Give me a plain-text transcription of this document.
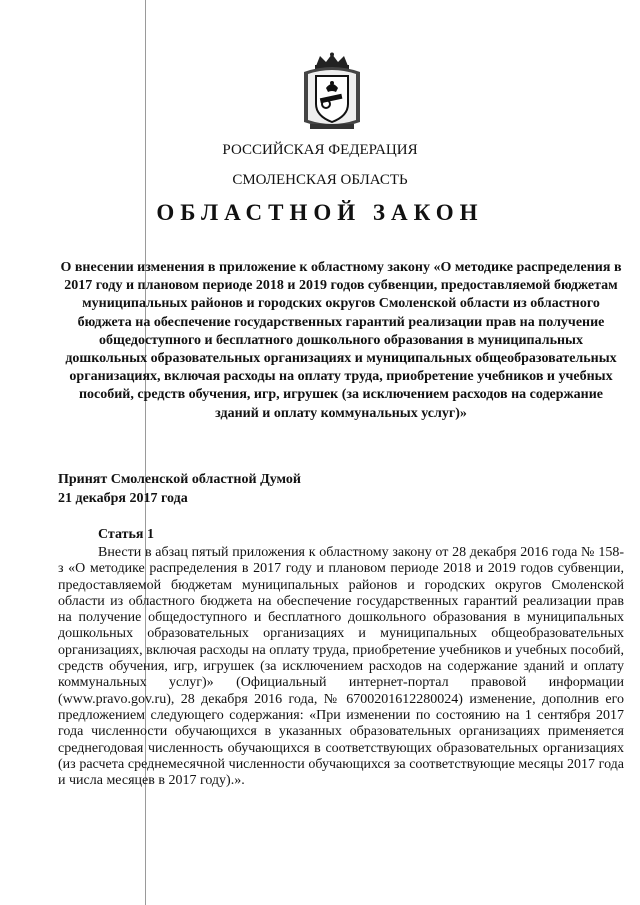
РОССИЙСКАЯ ФЕДЕРАЦИЯ
СМОЛЕНСКАЯ ОБЛАСТЬ
ОБЛАСТНОЙ ЗАКОН
О внесении изменения в приложение к областному закону «О методике распределения в 2017 году и плановом периоде 2018 и 2019 годов субвенции, предоставляемой бюджетам муниципальных районов и городских округов Смоленской области из областного бюджета на обеспечение государственных гарантий реализации прав на получение общедоступного и бесплатного дошкольного образования в муниципальных дошкольных образовательных организациях и муниципальных общеобразовательных организациях, включая расходы на оплату труда, приобретение учебников и учебных пособий, средств обучения, игр, игрушек (за исключением расходов на содержание зданий и оплату коммунальных услуг)»
Принят Смоленской областной Думой
21 декабря 2017 года
Статья 1
Внести в абзац пятый приложения к областному закону от 28 декабря 2016 года № 158-з «О методике распределения в 2017 году и плановом периоде 2018 и 2019 годов субвенции, предоставляемой бюджетам муниципальных районов и городских округов Смоленской области из областного бюджета на обеспечение государственных гарантий реализации прав на получение общедоступного и бесплатного дошкольного образования в муниципальных дошкольных образовательных организациях и муниципальных общеобразовательных организациях, включая расходы на оплату труда, приобретение учебников и учебных пособий, средств обучения, игр, игрушек (за исключением расходов на содержание зданий и оплату коммунальных услуг)» (Официальный интернет-портал правовой информации (www.pravo.gov.ru), 28 декабря 2016 года, № 6700201612280024) изменение, дополнив его предложением следующего содержания: «При изменении по состоянию на 1 сентября 2017 года численности обучающихся в указанных образовательных организациях применяется среднегодовая численность обучающихся в соответствующих образовательных организациях (из расчета среднемесячной численности обучающихся за соответствующие месяцы 2017 года и числа месяцев в 2017 году).».
